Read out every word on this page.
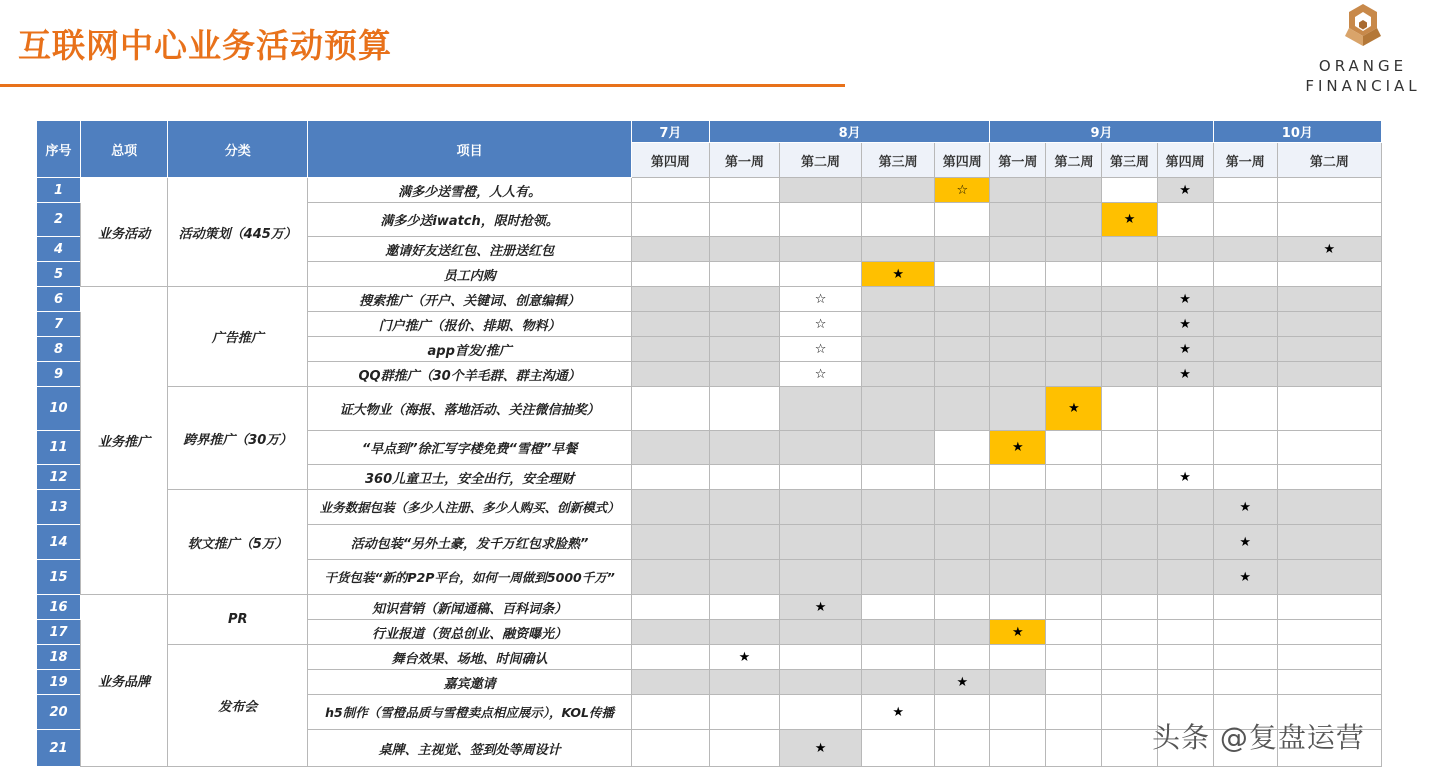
互联网中心业务活动预算
ORANGE
FINANCIAL
序号	总项	分类	项目	7月	8月				9月				10月	
				第四周	第一周	第二周	第三周	第四周	第一周	第二周	第三周	第四周	第一周	第二周
1	业务活动	活动策划（445万）	满多少送雪橙，人人有。					☆				★		
2			满多少送iwatch，限时抢领。								★			
4			邀请好友送红包、注册送红包											★
5			员工内购				★							
6	业务推广	广告推广	搜索推广（开户、关键词、创意编辑）			☆						★		
7			门户推广（报价、排期、物料）			☆						★		
8			app首发/推广			☆						★		
9			QQ群推广（30个羊毛群、群主沟通）			☆						★		
10		跨界推广（30万）	证大物业（海报、落地活动、关注微信抽奖）							★				
11			“早点到”徐汇写字楼免费“雪橙”早餐						★					
12			360儿童卫士，安全出行，安全理财									★		
13		软文推广（5万）	业务数据包装（多少人注册、多少人购买、创新模式）										★	
14			活动包装“另外土豪，发千万红包求脸熟”										★	
15			干货包装“新的P2P平台，如何一周做到5000千万”										★	
16	业务品牌	PR	知识营销（新闻通稿、百科词条）			★								
17			行业报道（贺总创业、融资曝光）						★					
18		发布会	舞台效果、场地、时间确认		★									
19			嘉宾邀请					★						
20			h5制作（雪橙品质与雪橙卖点相应展示），KOL传播				★							
21			桌牌、主视觉、签到处等周设计			★									头条 @复盘运营
